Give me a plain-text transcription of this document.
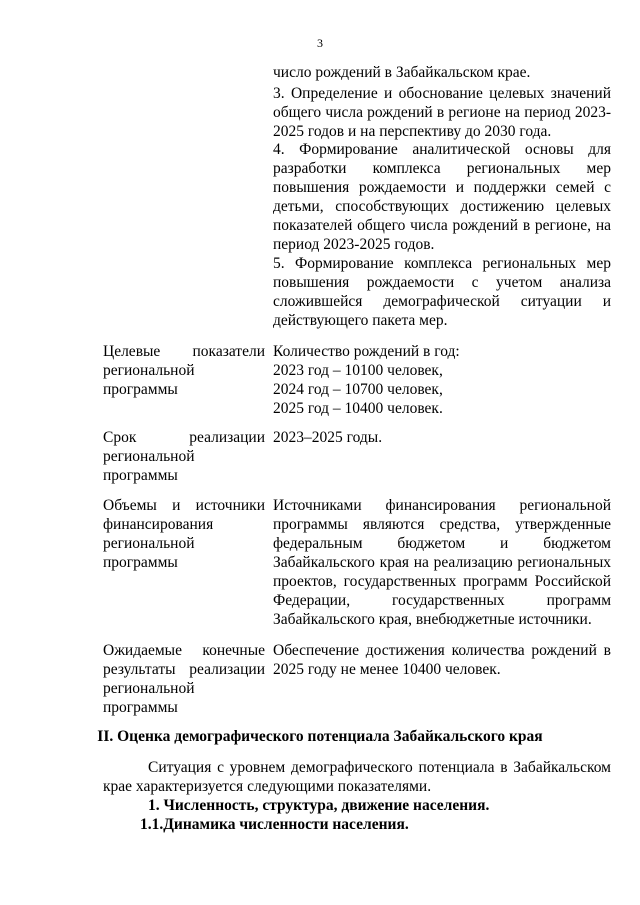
3
число рождений в Забайкальском крае.
3. Определение и обоснование целевых значений
общего числа рождений в регионе на период 2023-
2025 годов и на перспективу до 2030 года.
4. Формирование аналитической основы для
разработки комплекса региональных мер
повышения рождаемости и поддержки семей с
детьми, способствующих достижению целевых
показателей общего числа рождений в регионе, на
период 2023-2025 годов.
5. Формирование комплекса региональных мер
повышения рождаемости с учетом анализа
сложившейся демографической ситуации и
действующего пакета мер.
Целевые показатели
региональной
программы
Количество рождений в год:
2023 год – 10100 человек,
2024 год – 10700 человек,
2025 год – 10400 человек.
Срок реализации
региональной
программы
2023–2025 годы.
Объемы и источники
финансирования
региональной
программы
Источниками финансирования региональной
программы являются средства, утвержденные
федеральным бюджетом и бюджетом
Забайкальского края на реализацию региональных
проектов, государственных программ Российской
Федерации, государственных программ
Забайкальского края, внебюджетные источники.
Ожидаемые конечные
результаты реализации
региональной
программы
Обеспечение достижения количества рождений в
2025 году не менее 10400 человек.
II. Оценка демографического потенциала Забайкальского края
Ситуация с уровнем демографического потенциала в Забайкальском
крае характеризуется следующими показателями.
1. Численность, структура, движение населения.
1.1.Динамика численности населения.
